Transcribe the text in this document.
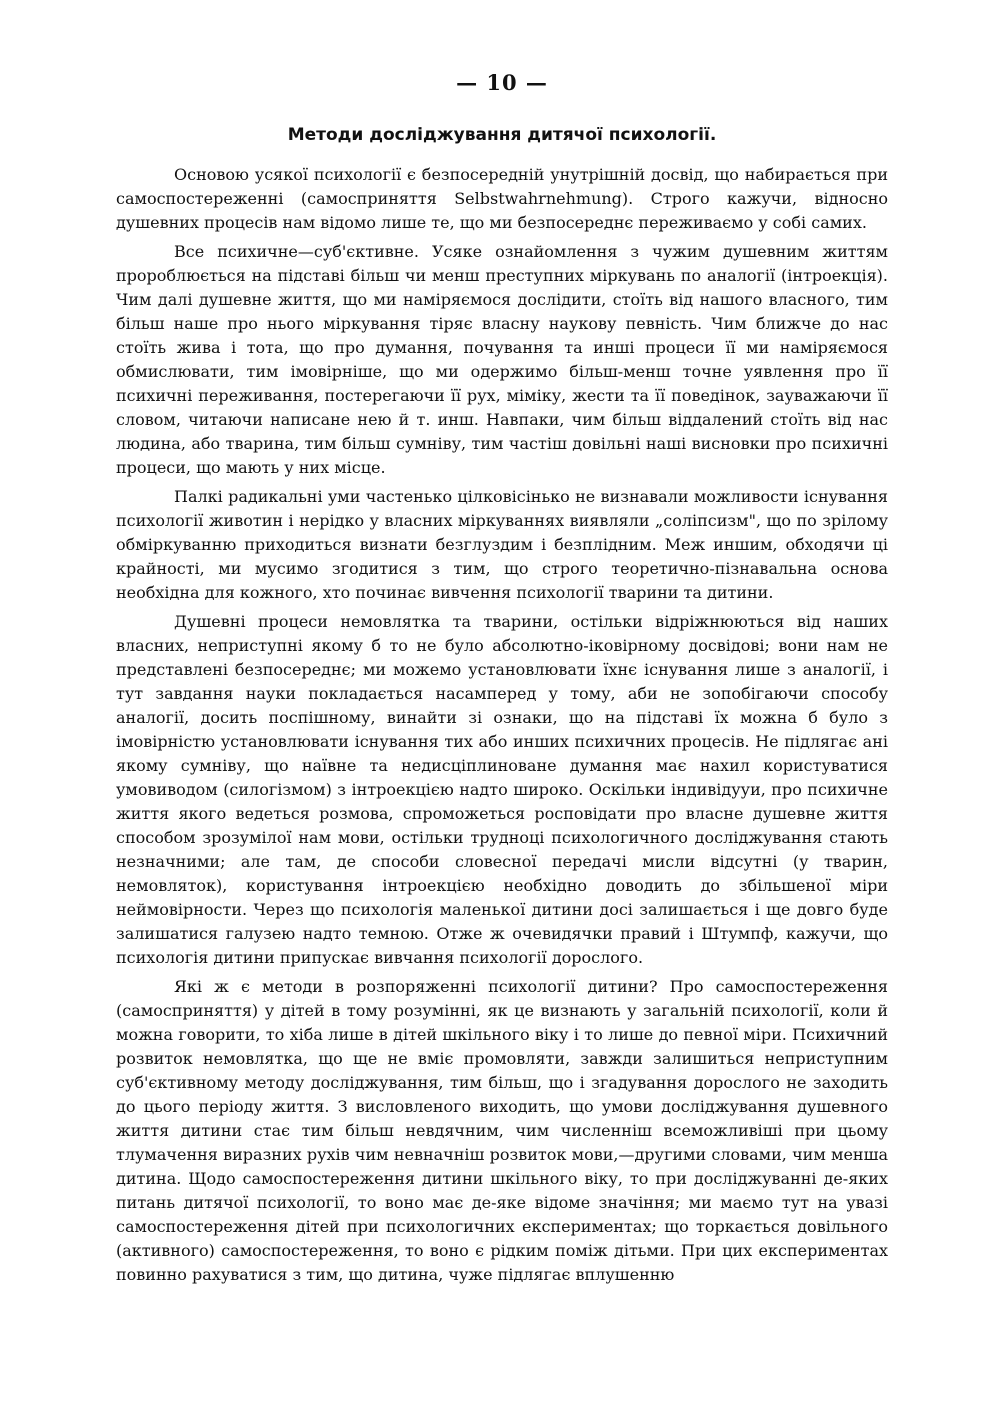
— 10 —
Методи досліджування дитячої психології.

Основою усякої психології є безпосередній унутрішній досвід, що набирається при самоспостереженні (самосприняття Selbstwahrnehmung). Строго кажучи, відносно душевних процесів нам відомо лише те, що ми безпосереднє переживаємо у собі самих.

Все психичне—суб'єктивне. Усяке ознайомлення з чужим душевним життям пророблюється на підставі більш чи менш преступних міркувань по аналогії (інтроекція). Чим далі душевне життя, що ми наміряємося дослідити, стоїть від нашого власного, тим більш наше про нього міркування тіряє власну наукову певність. Чим ближче до нас стоїть жива і тота, що про думання, почування та инші процеси її ми наміряємося обмислювати, тим імовірніше, що ми одержимо більш-менш точне уявлення про її психичні переживання, постерегаючи її рух, міміку, жести та її поведінок, зауважаючи її словом, читаючи написане нею й т. инш. Навпаки, чим більш віддалений стоїть від нас людина, або тварина, тим більш сумніву, тим частіш довільні наші висновки про психичні процеси, що мають у них місце.

Палкі радикальні уми частенько цілковісінько не визнавали можливости існування психології животин і нерідко у власних міркуваннях виявляли „соліпсизм", що по зрілому обміркуванню приходиться визнати безглуздим і безплідним. Меж иншим, обходячи ці крайності, ми мусимо згодитися з тим, що строго теоретично-пізнавальна основа необхідна для кожного, хто починає вивчення психології тварини та дитини.

Душевні процеси немовлятка та тварини, остільки відріжнюються від наших власних, неприступні якому б то не було абсолютно-іковірному досвідові; вони нам не представлені безпосереднє; ми можемо установлювати їхнє існування лише з аналогії, і тут завдання науки покладається насамперед у тому, аби не зопобігаючи способу аналогії, досить поспішному, винайти зі ознаки, що на підставі їх можна б було з імовірністю установлювати існування тих або инших психичних процесів. Не підлягає ані якому сумніву, що наївне та недисціплиноване думання має нахил користуватися умовиводом (силогізмом) з інтроекцією надто широко. Оскільки індивідууи, про психичне життя якого ведеться розмова, спроможеться росповідати про власне душевне життя способом зрозумілої нам мови, остільки трудноці психологичного досліджування стають незначними; але там, де способи словесної передачі мисли відсутні (у тварин, немовляток), користування інтроекцією необхідно доводить до збільшеної міри неймовірности. Через що психологія маленької дитини досі залишається і ще довго буде залишатися галузею надто темною. Отже ж очевидячки правий і Штумпф, кажучи, що психологія дитини припускає вивчання психології дорослого.

Які ж є методи в розпоряженні психології дитини? Про самоспостереження (самосприняття) у дітей в тому розумінні, як це визнають у загальній психології, коли й можна говорити, то хіба лише в дітей шкільного віку і то лише до певної міри. Психичний розвиток немовлятка, що ще не вміє промовляти, завжди залишиться неприступним суб'єктивному методу досліджування, тим більш, що і згадування дорослого не заходить до цього періоду життя. З висловленого виходить, що умови досліджування душевного життя дитини стає тим більш невдячним, чим численніш всеможливіші при цьому тлумачення виразних рухів чим невначніш розвиток мови,—другими словами, чим менша дитина. Щодо самоспостереження дитини шкільного віку, то при досліджуванні де-яких питань дитячої психології, то воно має де-яке відоме значіння; ми маємо тут на увазі самоспостереження дітей при психологичних експериментах; що торкається довільного (активного) самоспостереження, то воно є рідким поміж дітьми. При цих експериментах повинно рахуватися з тим, що дитина, чуже підлягає вплушенню
